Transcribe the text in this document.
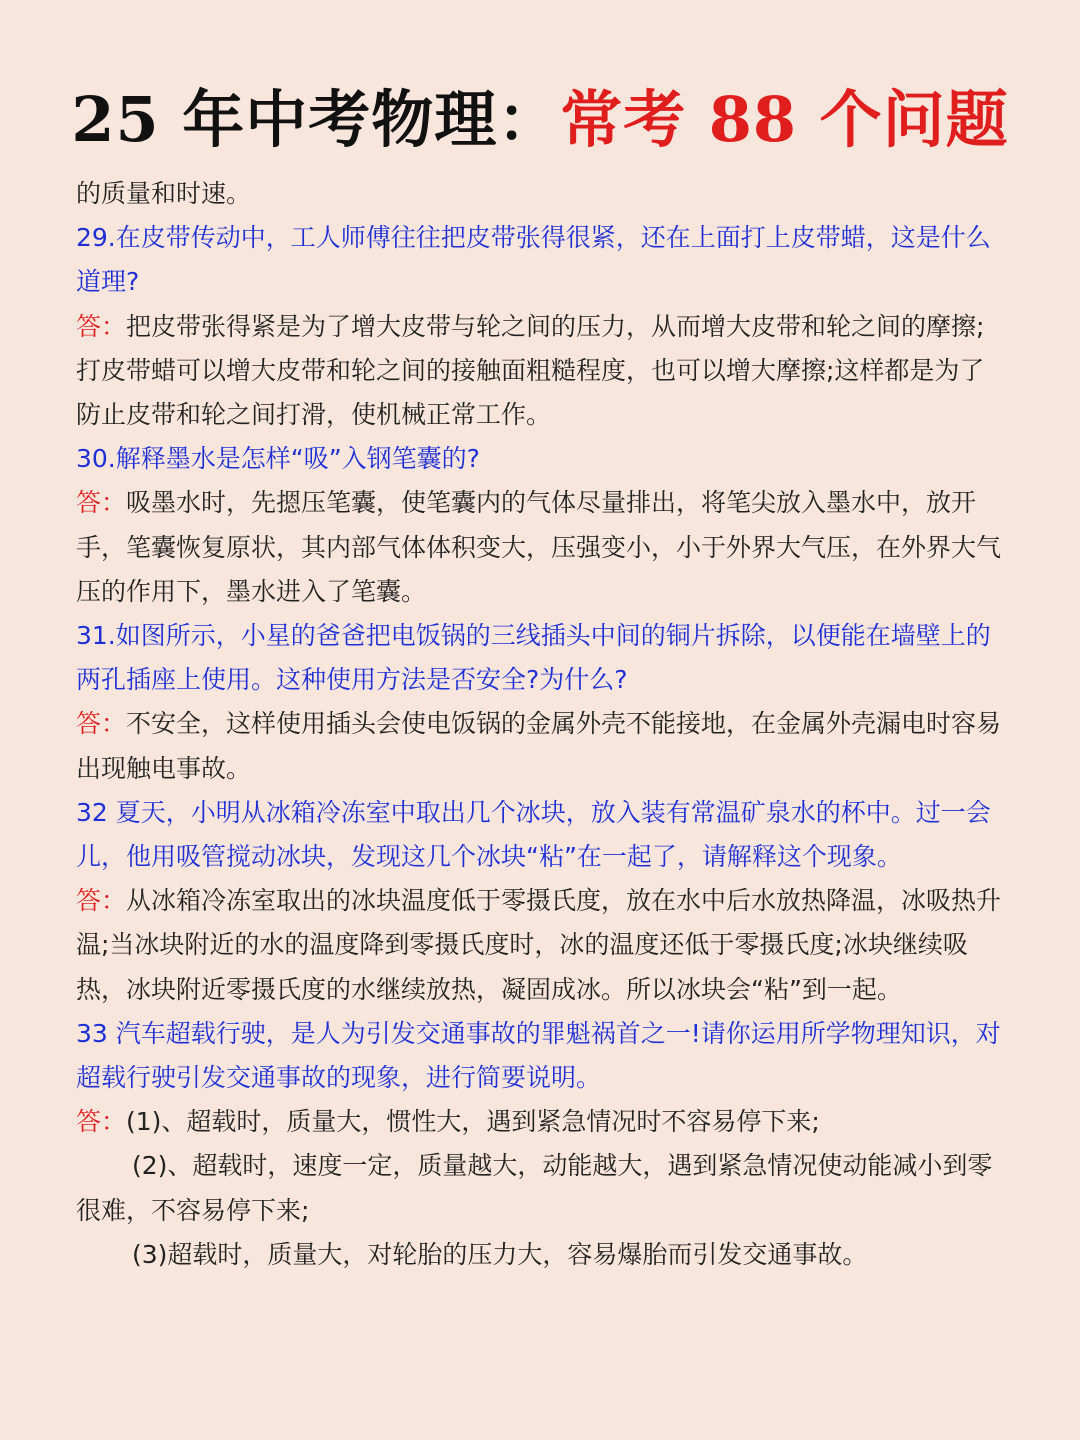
25 年中考物理：常考 88 个问题

的质量和时速。

29.在皮带传动中，工人师傅往往把皮带张得很紧，还在上面打上皮带蜡，这是什么道理?

答：把皮带张得紧是为了增大皮带与轮之间的压力，从而增大皮带和轮之间的摩擦;打皮带蜡可以增大皮带和轮之间的接触面粗糙程度，也可以增大摩擦;这样都是为了防止皮带和轮之间打滑，使机械正常工作。

30.解释墨水是怎样“吸”入钢笔囊的?

答：吸墨水时，先摁压笔囊，使笔囊内的气体尽量排出，将笔尖放入墨水中，放开手，笔囊恢复原状，其内部气体体积变大，压强变小，小于外界大气压，在外界大气压的作用下，墨水进入了笔囊。

31.如图所示，小星的爸爸把电饭锅的三线插头中间的铜片拆除，以便能在墙壁上的两孔插座上使用。这种使用方法是否安全?为什么?

答：不安全，这样使用插头会使电饭锅的金属外壳不能接地，在金属外壳漏电时容易出现触电事故。

32 夏天，小明从冰箱冷冻室中取出几个冰块，放入装有常温矿泉水的杯中。过一会儿，他用吸管搅动冰块，发现这几个冰块“粘”在一起了，请解释这个现象。

答：从冰箱冷冻室取出的冰块温度低于零摄氏度，放在水中后水放热降温，冰吸热升温;当冰块附近的水的温度降到零摄氏度时，冰的温度还低于零摄氏度;冰块继续吸热，冰块附近零摄氏度的水继续放热，凝固成冰。所以冰块会“粘”到一起。

33 汽车超载行驶，是人为引发交通事故的罪魁祸首之一!请你运用所学物理知识，对超载行驶引发交通事故的现象，进行简要说明。

答：(1)、超载时，质量大，惯性大，遇到紧急情况时不容易停下来;

(2)、超载时，速度一定，质量越大，动能越大，遇到紧急情况使动能减小到零很难，不容易停下来;

(3)超载时，质量大，对轮胎的压力大，容易爆胎而引发交通事故。
